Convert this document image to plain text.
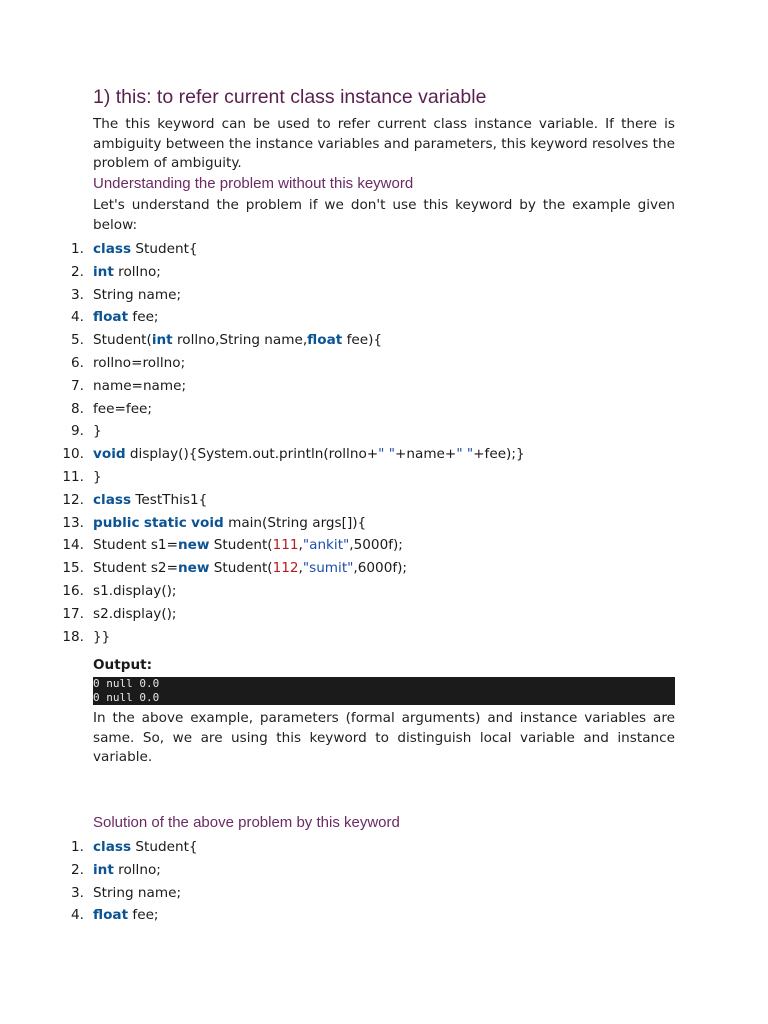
1) this: to refer current class instance variable

The this keyword can be used to refer current class instance variable. If there is ambiguity between the instance variables and parameters, this keyword resolves the problem of ambiguity.

Understanding the problem without this keyword

Let's understand the problem if we don't use this keyword by the example given below:

1. class Student{
2. int rollno;
3. String name;
4. float fee;
5. Student(int rollno,String name,float fee){
6. rollno=rollno;
7. name=name;
8. fee=fee;
9. }
10. void display(){System.out.println(rollno+" "+name+" "+fee);}
11. }
12. class TestThis1{
13. public static void main(String args[]){
14. Student s1=new Student(111,"ankit",5000f);
15. Student s2=new Student(112,"sumit",6000f);
16. s1.display();
17. s2.display();
18. }}
Output:
0 null 0.0
0 null 0.0

In the above example, parameters (formal arguments) and instance variables are same. So, we are using this keyword to distinguish local variable and instance variable.

Solution of the above problem by this keyword
1. class Student{
2. int rollno;
3. String name;
4. float fee;
